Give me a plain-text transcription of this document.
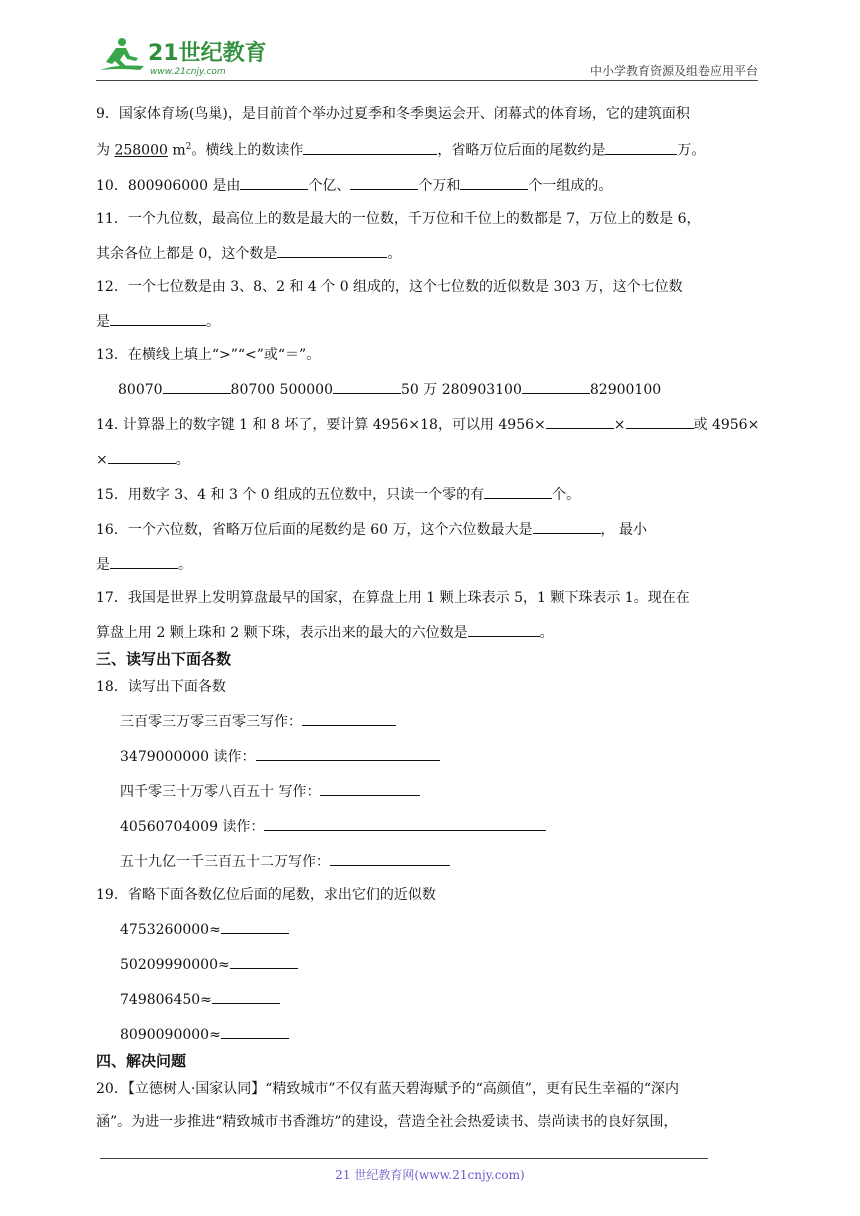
21世纪教育
www.21cnjy.com	中小学教育资源及组卷应用平台
9．国家体育场(鸟巢)，是目前首个举办过夏季和冬季奥运会开、闭幕式的体育场，它的建筑面积
为 258000 $m^2$。横线上的数读作	，省略万位后面的尾数约是	万。
10．800906000 是由	个亿、	个万和	个一组成的。
11．一个九位数，最高位上的数是最大的一位数，千万位和千位上的数都是 7，万位上的数是 6，
其余各位上都是 0，这个数是	。
12．一个七位数是由 3、8、2 和 4 个 0 组成的，这个七位数的近似数是 303 万，这个七位数
是	。
13．在横线上填上“>”“<”或“＝”。
80070	80700 500000	50 万 280903100	82900100
14. 计算器上的数字键 1 和 8 坏了，要计算 4956×18，可以用 4956×	×	或 4956×
×	。
15．用数字 3、4 和 3 个 0 组成的五位数中，只读一个零的有	个。
16．一个六位数，省略万位后面的尾数约是 60 万，这个六位数最大是	， 最小
是	。
17．我国是世界上发明算盘最早的国家，在算盘上用 1 颗上珠表示 5，1 颗下珠表示 1。现在在
算盘上用 2 颗上珠和 2 颗下珠，表示出来的最大的六位数是	。
三、读写出下面各数
18．读写出下面各数
三百零三万零三百零三写作：
3479000000 读作：
四千零三十万零八百五十 写作：
40560704009 读作：
五十九亿一千三百五十二万写作：
19．省略下面各数亿位后面的尾数，求出它们的近似数
4753260000≈
50209990000≈
749806450≈
8090090000≈
四、解决问题
20．【立德树人·国家认同】“精致城市”不仅有蓝天碧海赋予的“高颜值”，更有民生幸福的“深内
涵”。为进一步推进“精致城市书香潍坊”的建设，营造全社会热爱读书、崇尚读书的良好氛围，
21 世纪教育网(www.21cnjy.com)
